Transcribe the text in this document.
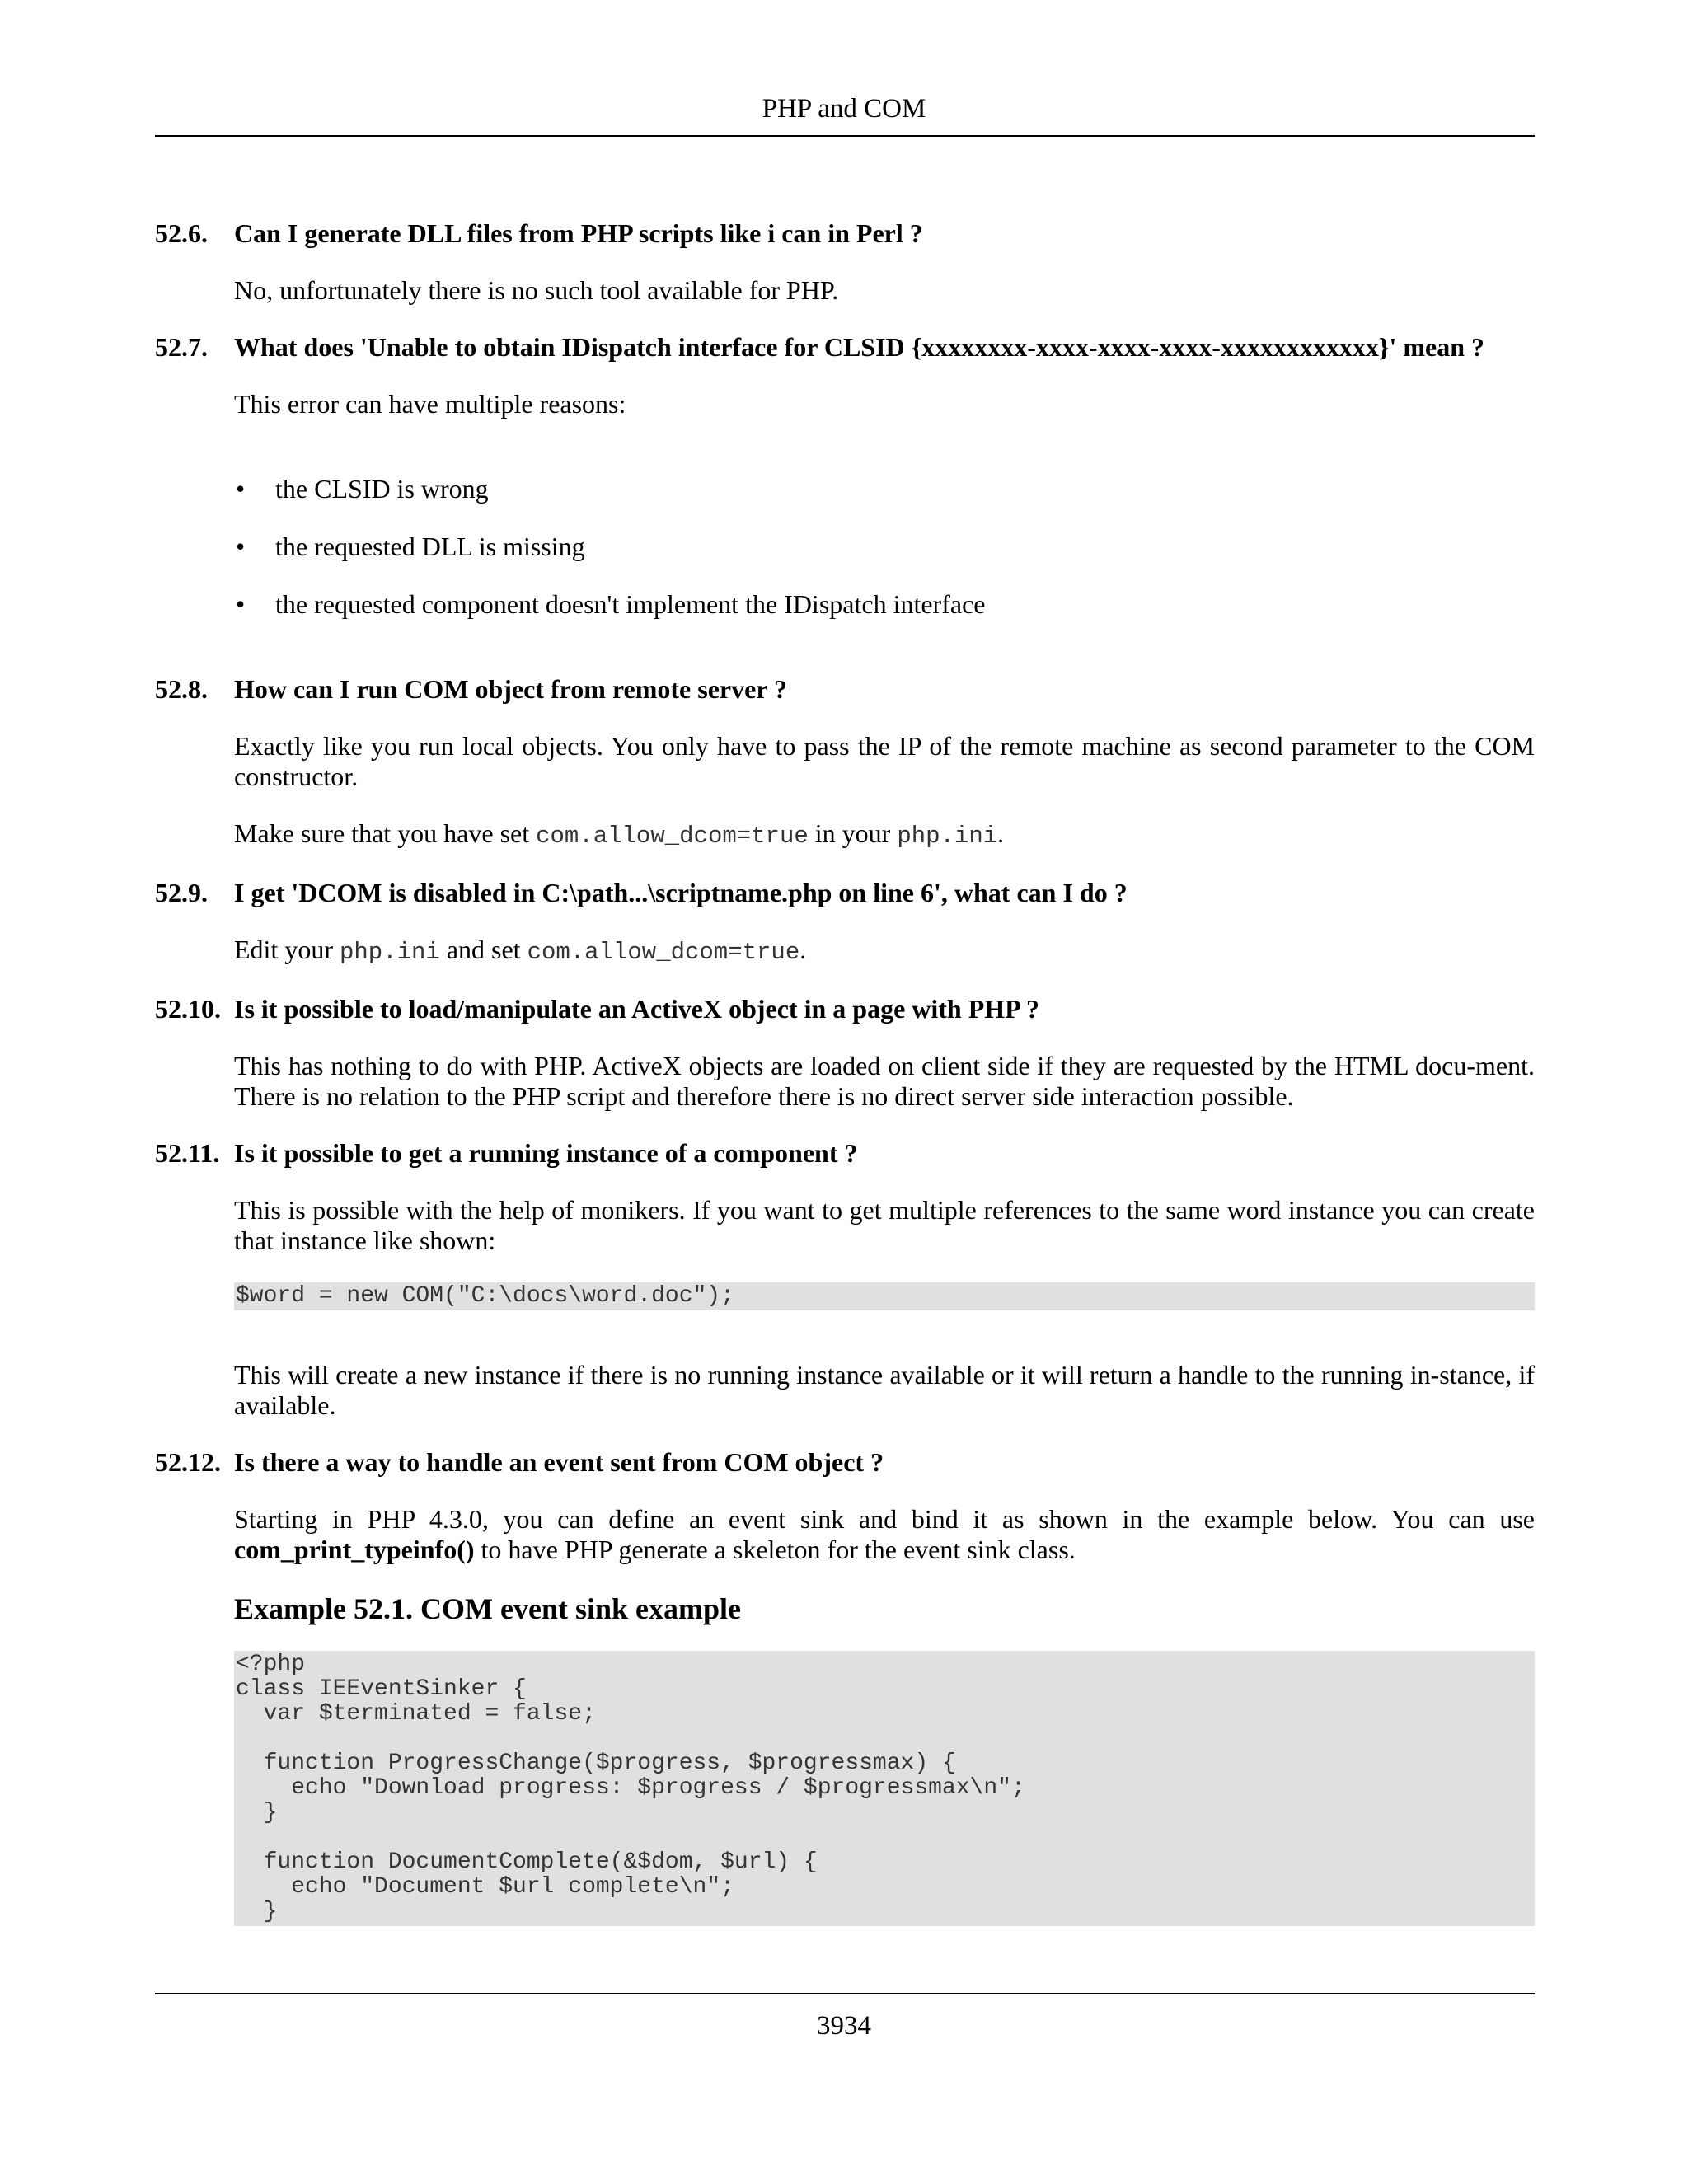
PHP and COM
52.6. Can I generate DLL files from PHP scripts like i can in Perl ?

No, unfortunately there is no such tool available for PHP.

52.7. What does 'Unable to obtain IDispatch interface for CLSID {xxxxxxxx-xxxx-xxxx-xxxx-xxxxxxxxxxxx}' mean ?

This error can have multiple reasons:

• the CLSID is wrong
• the requested DLL is missing
• the requested component doesn't implement the IDispatch interface
52.8. How can I run COM object from remote server ?

Exactly like you run local objects. You only have to pass the IP of the remote machine as second parameter to the COM constructor.

Make sure that you have set com.allow_dcom=true in your php.ini.

52.9. I get 'DCOM is disabled in C:\path...\scriptname.php on line 6', what can I do ?

Edit your php.ini and set com.allow_dcom=true.

52.10. Is it possible to load/manipulate an ActiveX object in a page with PHP ?

This has nothing to do with PHP. ActiveX objects are loaded on client side if they are requested by the HTML docu-ment. There is no relation to the PHP script and therefore there is no direct server side interaction possible.

52.11. Is it possible to get a running instance of a component ?

This is possible with the help of monikers. If you want to get multiple references to the same word instance you can create that instance like shown:

$word = new COM("C:\docs\word.doc");

This will create a new instance if there is no running instance available or it will return a handle to the running in-stance, if available.

52.12. Is there a way to handle an event sent from COM object ?

Starting in PHP 4.3.0, you can define an event sink and bind it as shown in the example below. You can use com_print_typeinfo() to have PHP generate a skeleton for the event sink class.

Example 52.1. COM event sink example

<?php
class IEEventSinker {
var $terminated = false;

function ProgressChange($progress, $progressmax) {
echo "Download progress: $progress / $progressmax\n";
}

function DocumentComplete(&$dom, $url) {
echo "Document $url complete\n";
}
3934
